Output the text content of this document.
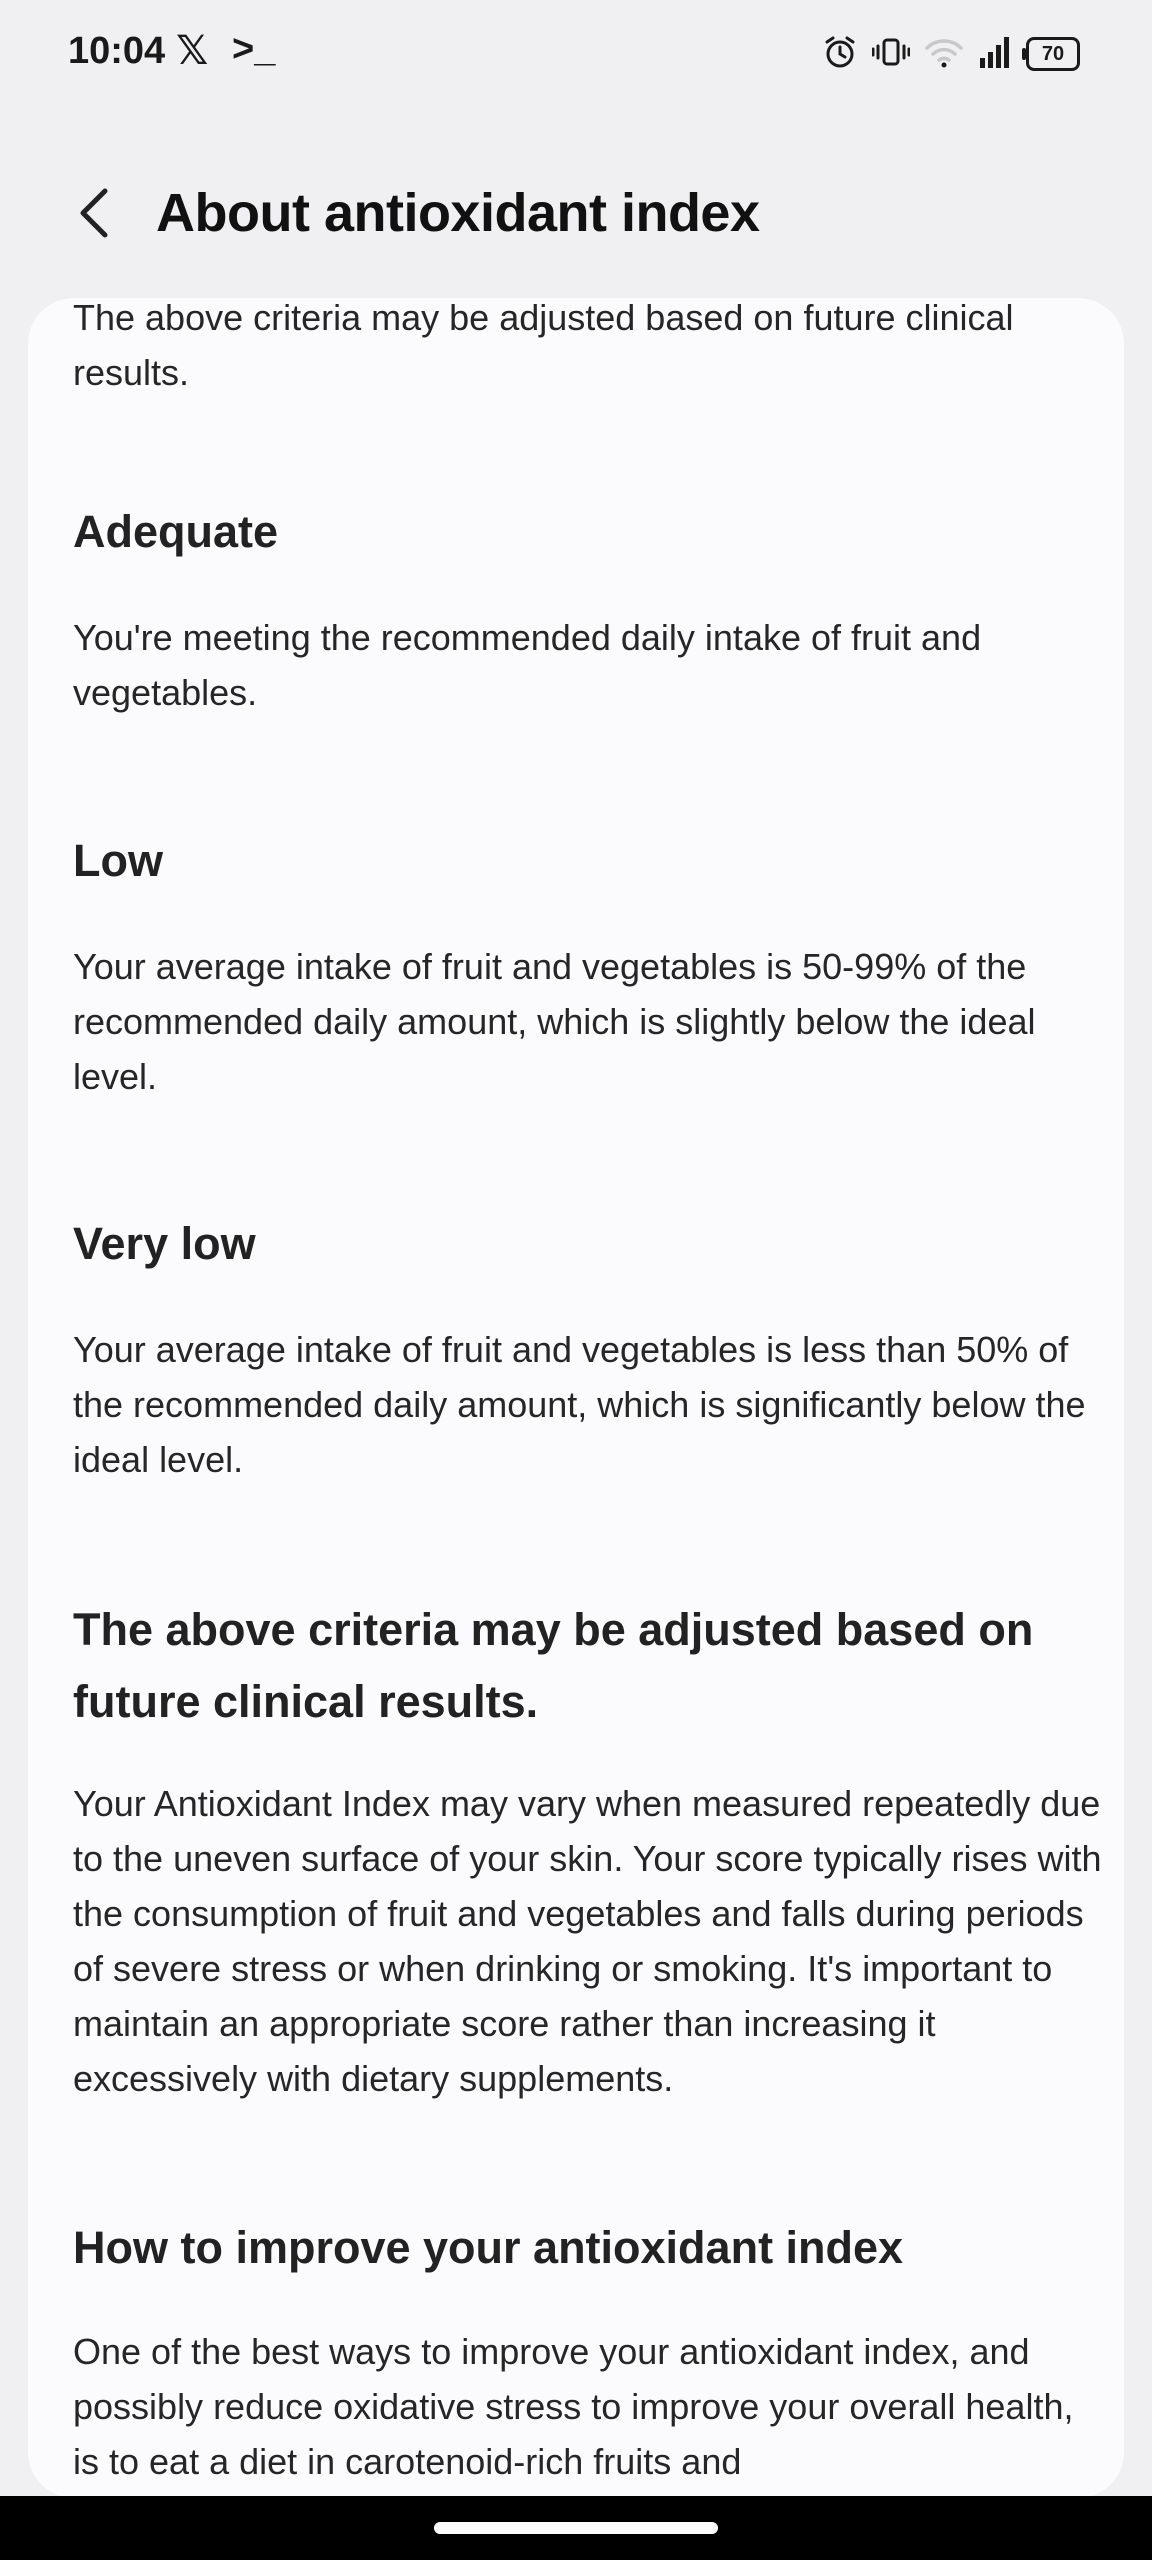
10:04 𝕏 >_	70
About antioxidant index

The above criteria may be adjusted based on future clinical results.

Adequate

You're meeting the recommended daily intake of fruit and vegetables.

Low

Your average intake of fruit and vegetables is 50-99% of the recommended daily amount, which is slightly below the ideal level.

Very low

Your average intake of fruit and vegetables is less than 50% of the recommended daily amount, which is significantly below the ideal level.

The above criteria may be adjusted based on future clinical results.

Your Antioxidant Index may vary when measured repeatedly due to the uneven surface of your skin. Your score typically rises with the consumption of fruit and vegetables and falls during periods of severe stress or when drinking or smoking. It's important to maintain an appropriate score rather than increasing it excessively with dietary supplements.

How to improve your antioxidant index

One of the best ways to improve your antioxidant index, and possibly reduce oxidative stress to improve your overall health, is to eat a diet in carotenoid-rich fruits and
